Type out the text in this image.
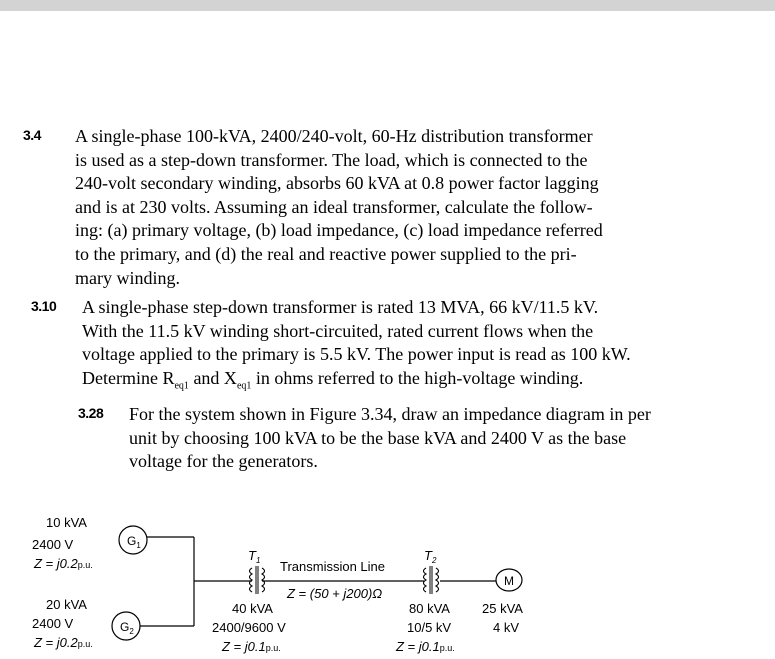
3.4 A single-phase 100-kVA, 2400/240-volt, 60-Hz distribution transformer
is used as a step-down transformer. The load, which is connected to the
240-volt secondary winding, absorbs 60 kVA at 0.8 power factor lagging
and is at 230 volts. Assuming an ideal transformer, calculate the follow-
ing: (a) primary voltage, (b) load impedance, (c) load impedance referred
to the primary, and (d) the real and reactive power supplied to the pri-
mary winding.
3.10 A single-phase step-down transformer is rated 13 MVA, 66 kV/11.5 kV.
With the 11.5 kV winding short-circuited, rated current flows when the
voltage applied to the primary is 5.5 kV. The power input is read as 100 kW.
Determine $R_{eq1}$ and $X_{eq1}$ in ohms referred to the high-voltage winding.
3.28 For the system shown in Figure 3.34, draw an impedance diagram in per
unit by choosing 100 kVA to be the base kVA and 2400 V as the base
voltage for the generators.
10 kVA
2400 V
Z = j0.2p.u.
$G_1$
20 kVA
2400 V
Z = j0.2p.u.
$G_2$
$T_1$
40 kVA
2400/9600 V
Z = j0.1p.u.
Transmission Line
Z = (50 + j200)Ω
$T_2$
80 kVA
10/5 kV
Z = j0.1p.u.
M
25 kVA
4 kV
